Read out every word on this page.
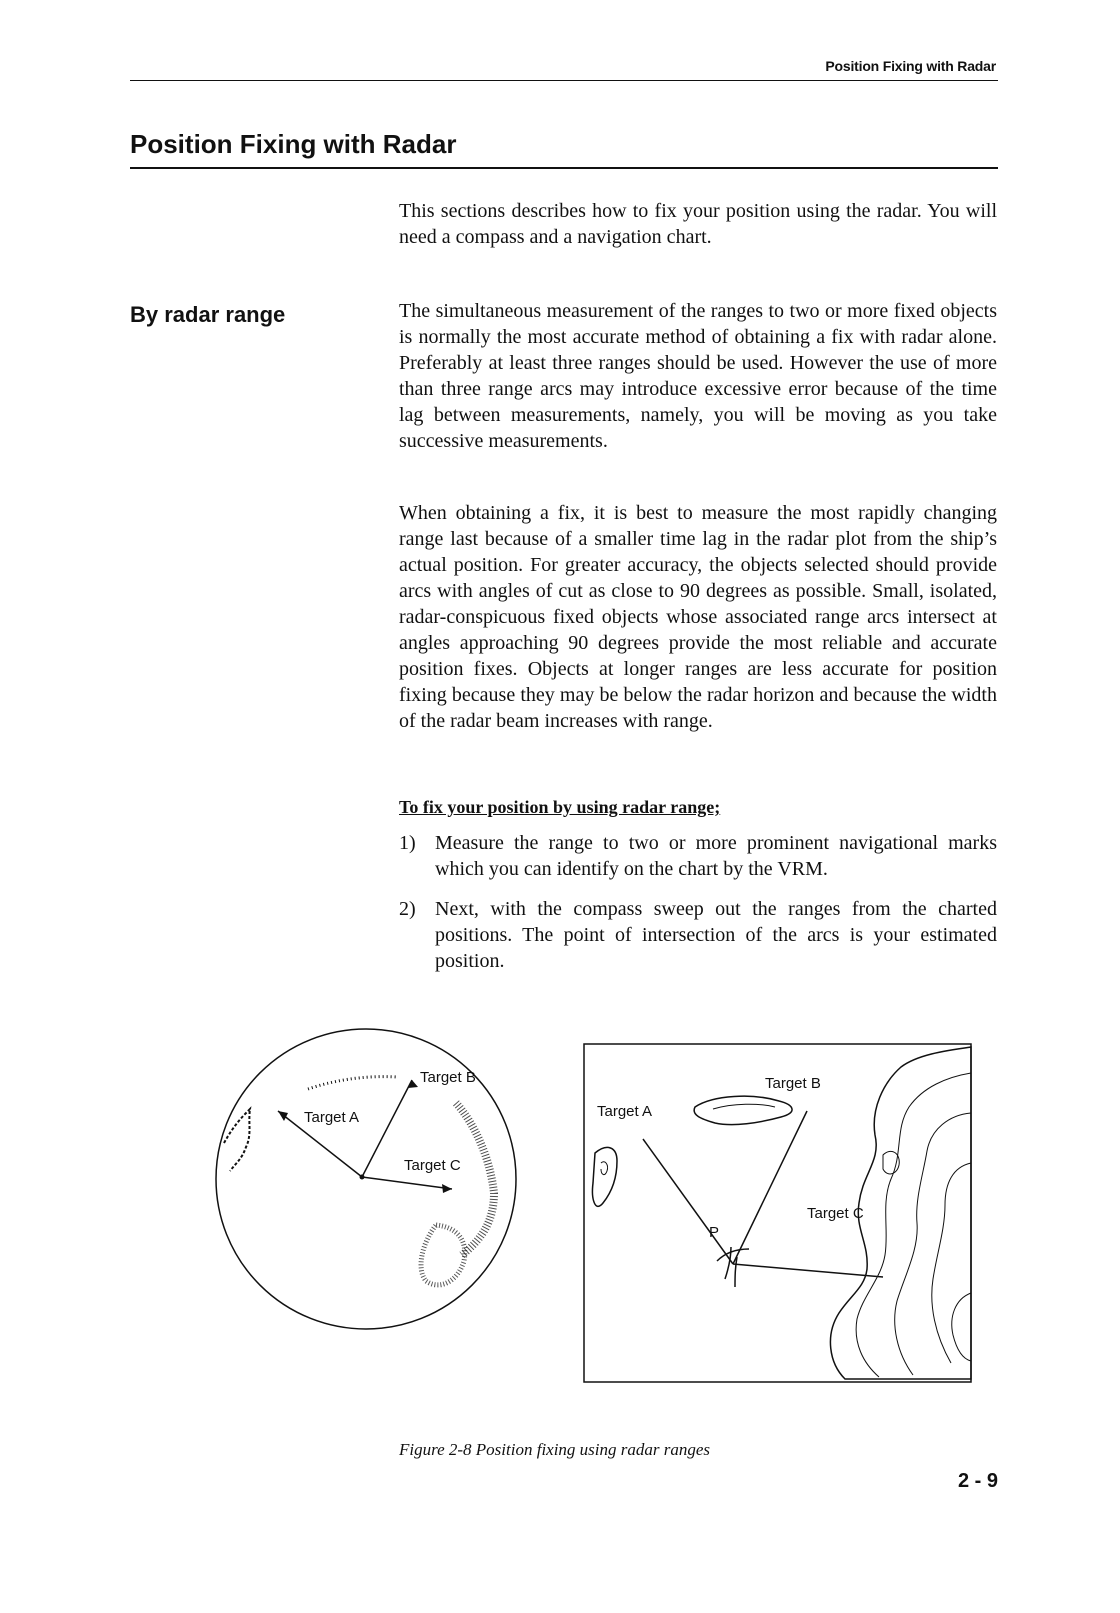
Position Fixing with Radar
Position Fixing with Radar

This sections describes how to fix your position using the radar. You will need a compass and a navigation chart.

By radar range	The simultaneous measurement of the ranges to two or more fixed objects is normally the most accurate method of obtaining a fix with radar alone. Preferably at least three ranges should be used. However the use of more than three range arcs may introduce excessive error because of the time lag between measurements, namely, you will be moving as you take successive measurements.

When obtaining a fix, it is best to measure the most rapidly changing range last because of a smaller time lag in the radar plot from the ship’s actual position. For greater accuracy, the objects selected should provide arcs with angles of cut as close to 90 degrees as possible. Small, isolated, radar-conspicuous fixed objects whose associated range arcs intersect at angles approaching 90 degrees provide the most reliable and accurate position fixes. Objects at longer ranges are less accurate for position fixing because they may be below the radar horizon and because the width of the radar beam increases with range.

To fix your position by using radar range;

1) Measure the range to two or more prominent navigational marks which you can identify on the chart by the VRM.
2) Next, with the compass sweep out the ranges from the charted positions. The point of intersection of the arcs is your estimated position.
Target A
Target B
Target C
Target A
Target B
Target C
P

Figure 2-8 Position fixing using radar ranges

2 - 9
